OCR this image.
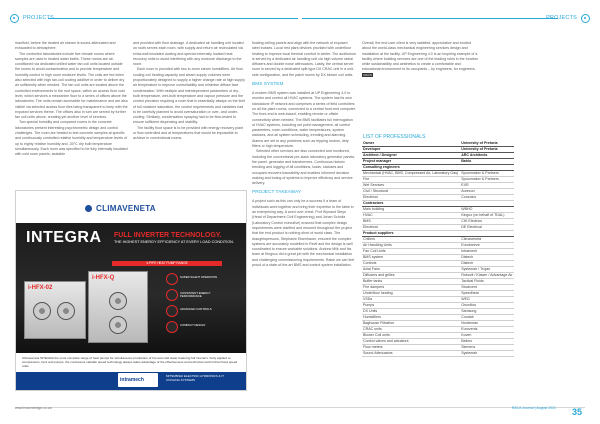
PROJECTS	PROJECTS

manifold, before the treated air stream is sound-attenuated and exhausted to atmosphere.

The controlled laboratories include five climate rooms where samples are used in heated water baths. These rooms are air-conditioned via dedicated chilled water fan coil units located outside the rooms to avoid contamination and to provide temperature and humidity control in high room moisture levels. The coils are fed when also selected with high fan-coil cooling additive in order to deliver dry air sufficiently when needed. The fan coil units are located above the controlled environments in the roof space, within an access floor void level, which services a mezzanine floor to a series of offices above the laboratories. The units remain accessible for maintenance and are also visible via selected access floor tiles being transparent to keep with the exposed services theme. The offices also in turn are served by further fan coil units above, creating yet another level of services.

Two special humidity and compared rooms in the concrete laboratories present interesting psychrometric design and control challenges. The room are heated to test concrete samples at specific and continuously controlled relative humidity and temperature levels of up to eighty relative humidity and -30°C dry bulb temperature simultaneously. Each room was specified to be fully internally insulated with cold room panels, sealable

and provided with floor drainage. A dedicated air handling unit located on roofs serves each room, with supply and return air recirculated via extra-wall insulated ducting and special externally located heat recovery units to avoid interfering with any moisture discharge to the room.

Each room is provided with two in-room steam humidifiers. Air flow, cooling coil heating capacity and steam supply volumes were proportionately designed to supply a higher change rate at high supply air temperature to improve controllability and minimise diffuse face condensation. With multiple and interdependent parameters of dry-bulb temperature, wet-bulb temperature and vapour pressure and the control precision requiring a room that is essentially always on the limit of full moisture saturation, the control requirements and variables had to be carefully planned to avoid oversaturation or over- and under-cooling. Similarly, condensation spraying had to be flow-tested to ensure sufficient dispensing and stability.

The facility floor space is to be provided with energy recovery plant or flow controlled and at temperatures that would be impossible to achieve in conventional rooms.

floating ceiling panels and align with the network of exposed steel trusses. Local rest plant devices provided with underfloor heating to improve local thermal comfort in winter. The auditorium is served by a dedicated air handling unit via high volume radial diffusers and double noise attenuators. Lastly, the central server room is served by a dedicated split-type DX CRAC unit in a unit-side configuration, and the patch rooms by DX blower coil units.

BMS SYSTEM

A modern BMS system was installed at UP Engineering 4.0 to monitor and control all HVAC systems. The system has its own standalone IP network and comprises a series of field controllers on all the plant rooms, connected to a central front-end computer. The front-end is web-based, enabling remote or offsite connectivity when needed. The BMS facilitates full interrogation of HVAC systems, including set point management, all control parameters, room conditions, water temperatures, system statuses, and all system scheduling, trending and alarming. Alarms are set to any problems such as tripping motors, dirty filters or high temperature.

Selected other services are also connected and monitored, including the conventional pre-stack laboratory generator panels, fire panel, generator and transformers. Continuous historic trending and logging of all conditions, loads, statuses and occupant recovers traceability and enables informed decision making and tuning of systems to improve efficiency and service delivery.

PROJECT TAKEAWAY

A project such as this can only be a success if a team of individuals work together and bring their expertise to the table in an enterprising way. A word over chest, Prof Wynand Steyn (Head of Department Civil Engineering) and Johan Scholtz (Laboratory Control executive) ensured that complex design requirements were clarified and ensured throughout the project that the end product is nothing short of world class. The draughtspersons, Stephanie Eisenhauer, ensured the complex systems are accurately modelled in Revit and the design is well coordinated to ensure workable solutions. Andrew Milk and his team at Kingsco did a great job with the mechanical installation and challenging commissioning requirements. Raise we can feel proud of a state-of-the-art BMS and control system installation.

Overall, the end user client is very satisfied, appreciative and excited about the world-class mechanical engineering services design and installation at the facility. UP Engineering 4.0 is an inspiring example of a facility where building services are one of the leading roles in the function while sustainability and aesthetics to create a comfortable and educational environment to its occupants – by engineers, for engineers. RACS

LIST OF PROFESSIONALS
Owner	University of Pretoria
Developer	University of Pretoria
Architect / Designer	ARC Architects
Project manager	Bahlo
Consulting engineers	
Mechanical (HVAC, BMS, Compressed Air, Laboratory Gas)	Spoormaker & Partners
Fire	Spoormaker & Partners
Wet Services	EXR
Civil / Structural	Aurecon
Electrical	Consolux
Contractors	
Main building	WBHO
HVAC	Kingco (on behalf of TDAL)
BMS	CHI Electrics
Electrical	DE Electrical
Product suppliers	
Chillers	Climaveneta
Air Handling Units	Eurobreeze
Fan Coil Units	Intramech
BMS system	Distech
Controls	Distech
Axial Fans	Systemair / Trojan
Diffusers and grilles	Robovit / Klawer / Advantage Air
Buffer tanks	Tactical Fluids
Fire dampers	Stockvent
Underfloor heating	Speedheat
VSDs	WEG
Pumps	Grundfos
DX Units	Samsung
Humidifiers	Condair
Baghouse Filtration	Nordeman
CRAC units	Eurovents
Blower Coil units	Koven
Control valves and actuators	Belimo
Flow meters	Siemens
Sound Attenuators	Systemair
CLIMAVENETA
INTEGRA FULL INVERTER TECHNOLOGY.
THE HIGHEST ENERGY EFFICIENCY AT EVERY LOAD CONDITION.
4-PIPE HEAT PUMP RANGE
i-HFX-02
i-HFX-Q	SUPER SILENT OPERATION
CONSISTENT ENERGY PERFORMANCE
ADVANCED CONTROLS
COMPACT DESIGN
Climaveneta INTEGRA the most complete range of heat pumps for simultaneous production of hot and cold water featuring full inverters. Fully applied to compressors, fans and pumps, the continuous variable speed technology always takes advantage of the effectiveness and technical comfort than fixed speed units.
intramech
MITSUBISHI ELECTRIC HYDRONICS & IT COOLING SYSTEMS
www.hvacrdesign.co.za	RACA Journal | August 2021 35
